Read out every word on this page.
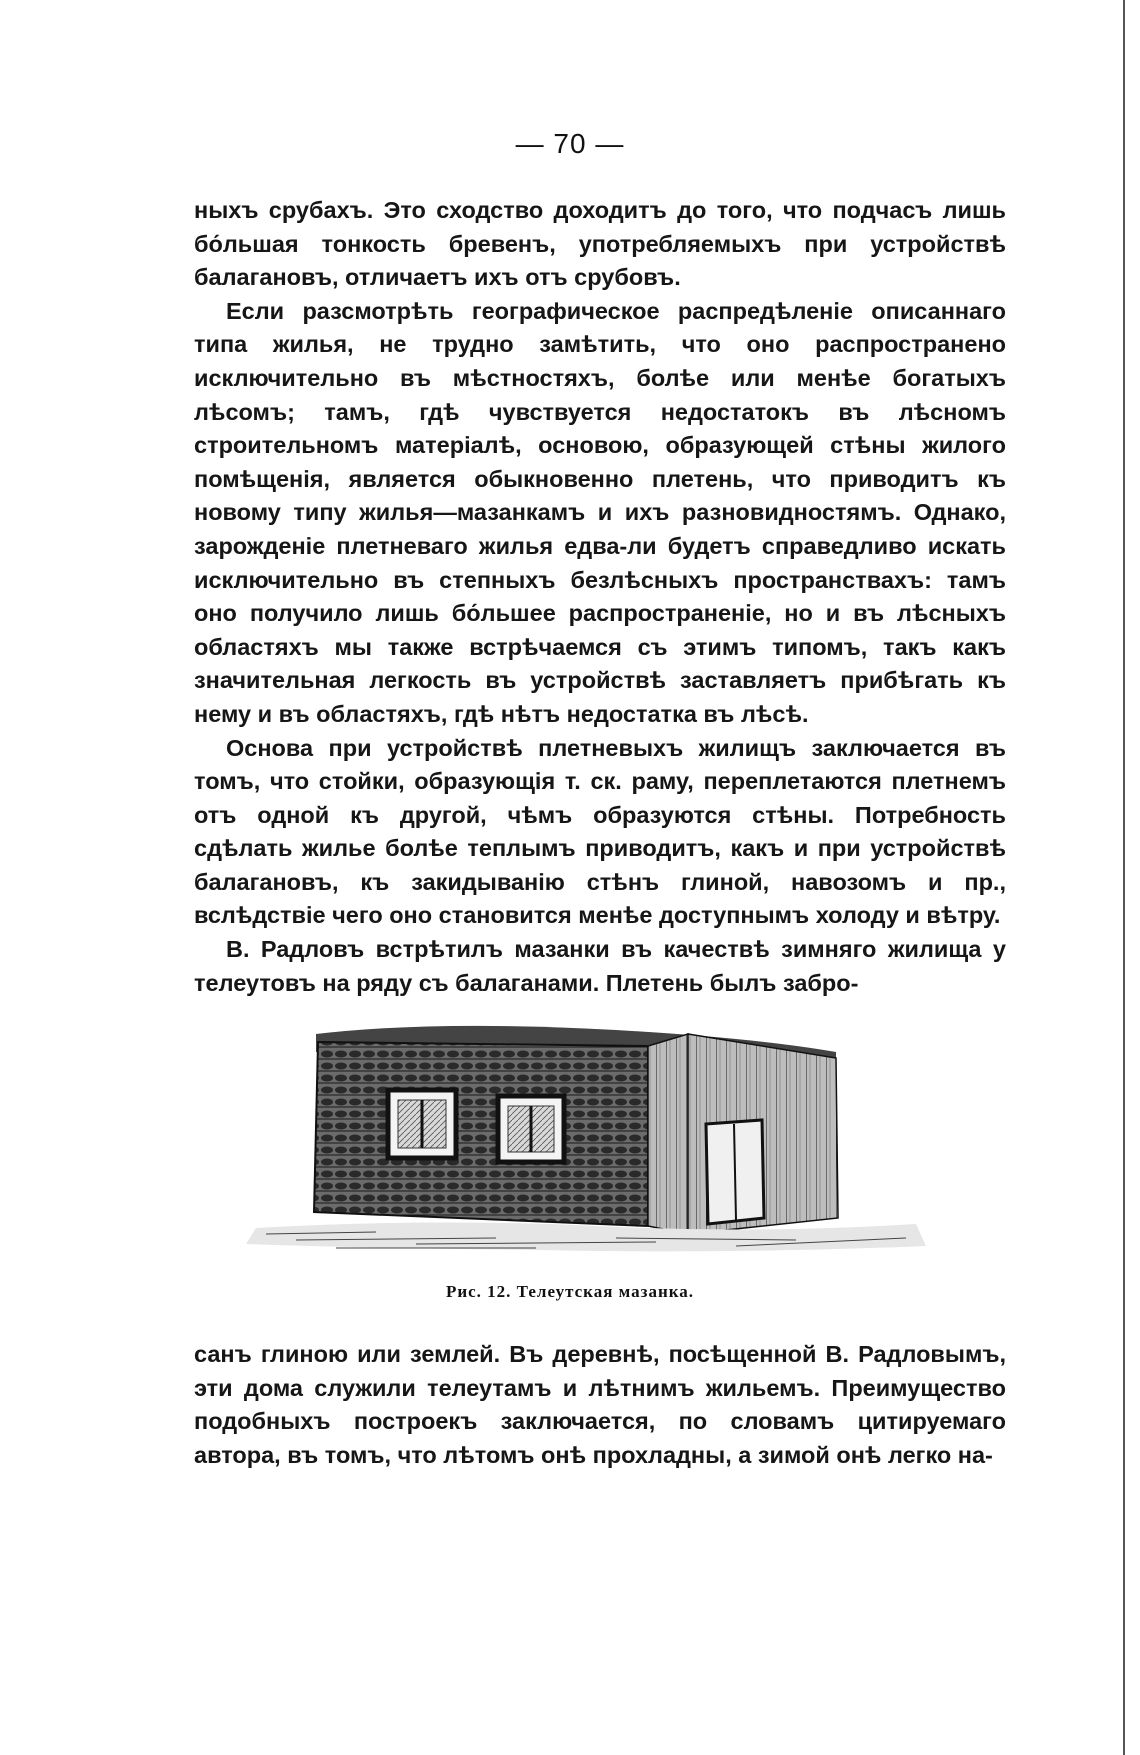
— 70 —

ныхъ срубахъ. Это сходство доходитъ до того, что подчасъ лишь бо́льшая тонкость бревенъ, употребляемыхъ при устройствѣ балагановъ, отличаетъ ихъ отъ срубовъ.

Если разсмотрѣть географическое распредѣленіе описаннаго типа жилья, не трудно замѣтить, что оно распространено исключительно въ мѣстностяхъ, болѣе или менѣе богатыхъ лѣсомъ; тамъ, гдѣ чувствуется недостатокъ въ лѣсномъ строительномъ матеріалѣ, основою, образующей стѣны жилого помѣщенія, является обыкновенно плетень, что приводитъ къ новому типу жилья—мазанкамъ и ихъ разновидностямъ. Однако, зарожденіе плетневаго жилья едва-ли будетъ справедливо искать исключительно въ степныхъ безлѣсныхъ пространствахъ: тамъ оно получило лишь бо́льшее распространеніе, но и въ лѣсныхъ областяхъ мы также встрѣчаемся съ этимъ типомъ, такъ какъ значительная легкость въ устройствѣ заставляетъ прибѣгать къ нему и въ областяхъ, гдѣ нѣтъ недостатка въ лѣсѣ.

Основа при устройствѣ плетневыхъ жилищъ заключается въ томъ, что стойки, образующія т. ск. раму, переплетаются плетнемъ отъ одной къ другой, чѣмъ образуются стѣны. Потребность сдѣлать жилье болѣе теплымъ приводитъ, какъ и при устройствѣ балагановъ, къ закидыванію стѣнъ глиной, навозомъ и пр., вслѣдствіе чего оно становится менѣе доступнымъ холоду и вѣтру.

В. Радловъ встрѣтилъ мазанки въ качествѣ зимняго жилища у телеутовъ на ряду съ балаганами. Плетень былъ забро-

Рис. 12. Телеутская мазанка.

санъ глиною или землей. Въ деревнѣ, посѣщенной В. Радловымъ, эти дома служили телеутамъ и лѣтнимъ жильемъ. Преимущество подобныхъ построекъ заключается, по словамъ цитируемаго автора, въ томъ, что лѣтомъ онѣ прохладны, а зимой онѣ легко на-
